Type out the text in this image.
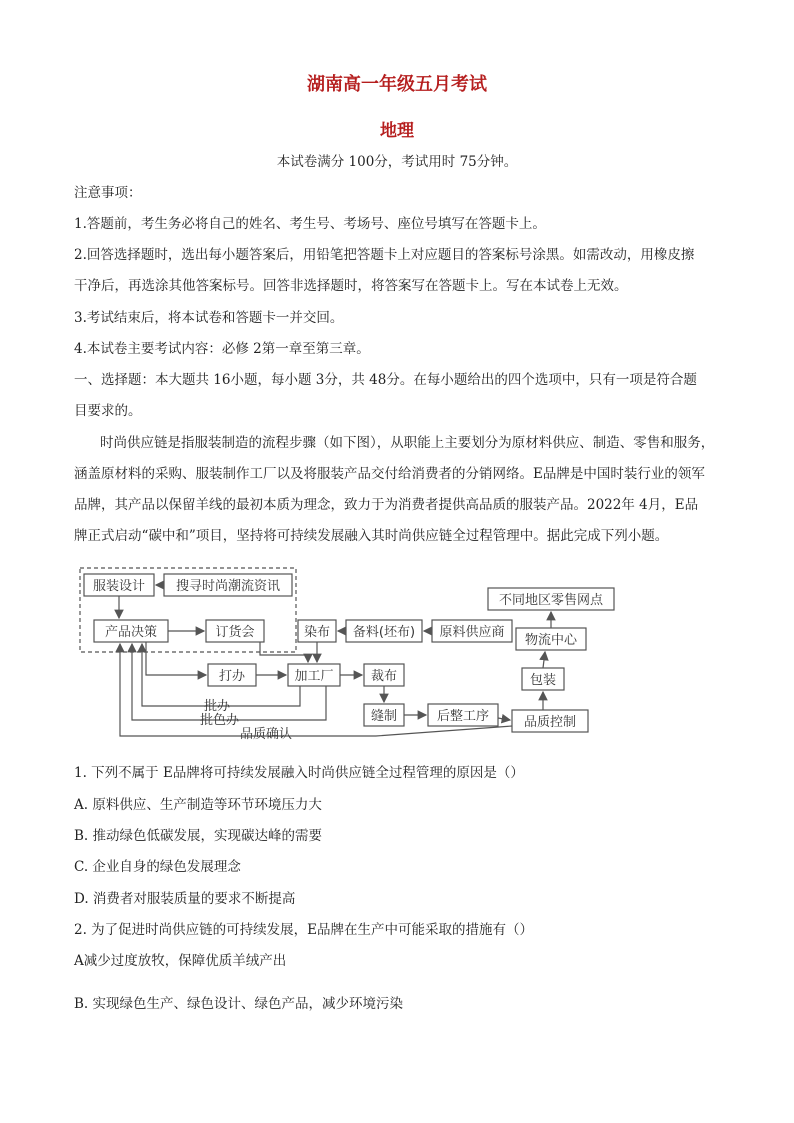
湖南高一年级五月考试
地理
本试卷满分 100分，考试用时 75分钟。
注意事项：
1.答题前，考生务必将自己的姓名、考生号、考场号、座位号填写在答题卡上。
2.回答选择题时，选出每小题答案后，用铅笔把答题卡上对应题目的答案标号涂黑。如需改动，用橡皮擦
干净后，再选涂其他答案标号。回答非选择题时，将答案写在答题卡上。写在本试卷上无效。
3.考试结束后，将本试卷和答题卡一并交回。
4.本试卷主要考试内容：必修 2第一章至第三章。
一、选择题：本大题共 16小题，每小题 3分，共 48分。在每小题给出的四个选项中，只有一项是符合题
目要求的。
时尚供应链是指服装制造的流程步骤（如下图），从职能上主要划分为原材料供应、制造、零售和服务，
涵盖原材料的采购、服装制作工厂以及将服装产品交付给消费者的分销网络。E品牌是中国时装行业的领军
品牌，其产品以保留羊线的最初本质为理念，致力于为消费者提供高品质的服装产品。2022年 4月，E品
牌正式启动“碳中和”项目，坚持将可持续发展融入其时尚供应链全过程管理中。据此完成下列小题。
服装设计 搜寻时尚潮流资讯
产品决策	订货会
打办
染布 备料(坯布) 原料供应商
加工厂	裁布
缝制	后整工序	品质控制
包装
物流中心
不同地区零售网点
批办
批色办
品质确认
1. 下列不属于 E品牌将可持续发展融入时尚供应链全过程管理的原因是（）
A. 原料供应、生产制造等环节环境压力大
B. 推动绿色低碳发展，实现碳达峰的需要
C. 企业自身的绿色发展理念
D. 消费者对服装质量的要求不断提高
2. 为了促进时尚供应链的可持续发展，E品牌在生产中可能采取的措施有（）
A减少过度放牧，保障优质羊绒产出
B. 实现绿色生产、绿色设计、绿色产品，减少环境污染
